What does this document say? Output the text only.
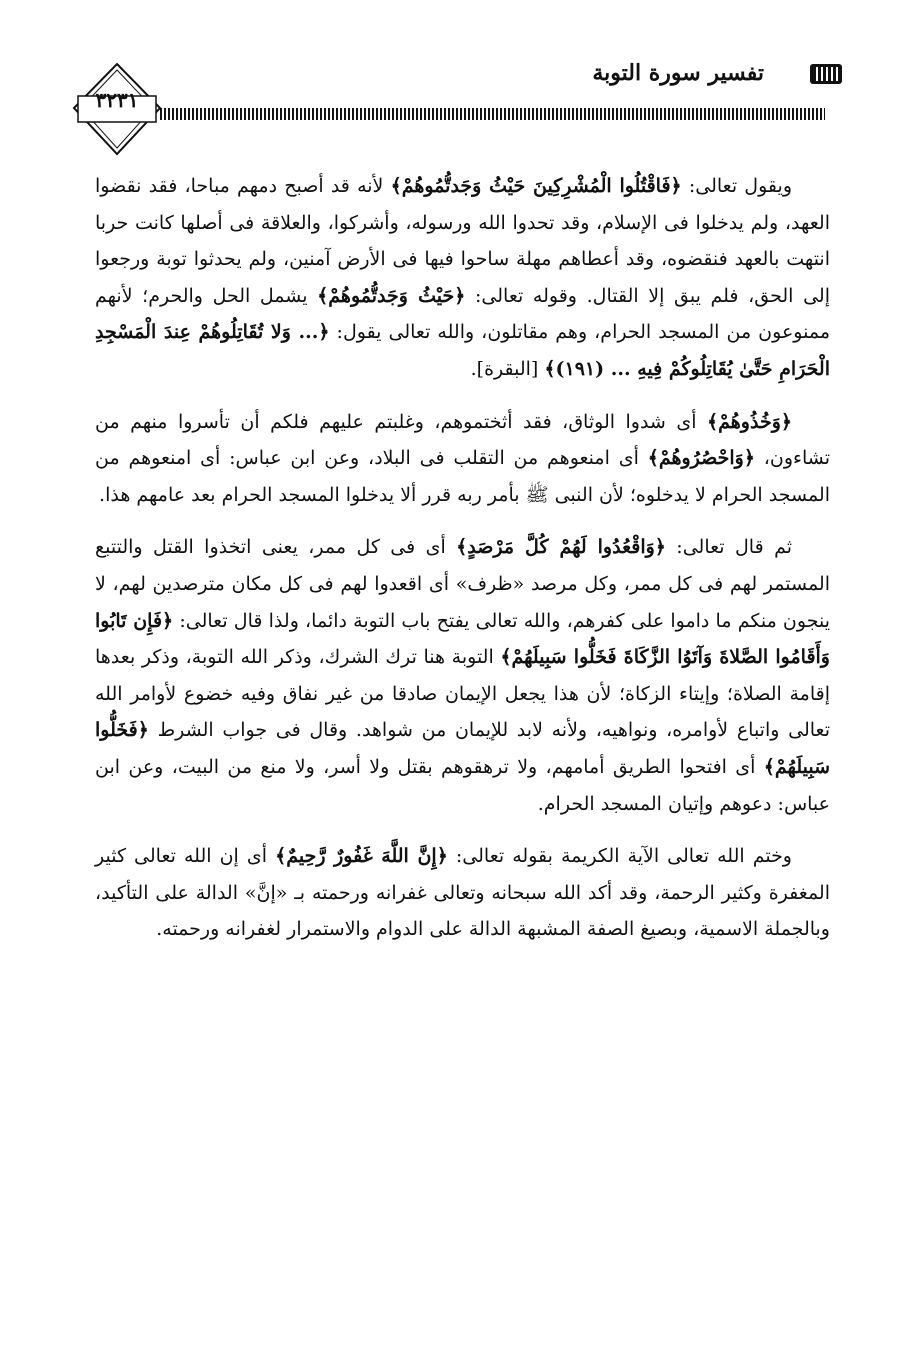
٣٢٣١
تفسير سورة التوبة

ويقول تعالى: ﴿فَاقْتُلُوا الْمُشْرِكِينَ حَيْثُ وَجَدتُّمُوهُمْ﴾ لأنه قد أصبح دمهم مباحا، فقد نقضوا العهد، ولم يدخلوا فى الإسلام، وقد تحدوا الله ورسوله، وأشركوا، والعلاقة فى أصلها كانت حربا انتهت بالعهد فنقضوه، وقد أعطاهم مهلة ساحوا فيها فى الأرض آمنين، ولم يحدثوا توبة ورجعوا إلى الحق، فلم يبق إلا القتال. وقوله تعالى: ﴿حَيْثُ وَجَدتُّمُوهُمْ﴾ يشمل الحل والحرم؛ لأنهم ممنوعون من المسجد الحرام، وهم مقاتلون، والله تعالى يقول: ﴿... وَلا تُقَاتِلُوهُمْ عِندَ الْمَسْجِدِ الْحَرَامِ حَتَّىٰ يُقَاتِلُوكُمْ فِيهِ ... (١٩١)﴾ [البقرة].

﴿وَخُذُوهُمْ﴾ أى شدوا الوثاق، فقد أثختموهم، وغلبتم عليهم فلكم أن تأسروا منهم من تشاءون، ﴿وَاحْصُرُوهُمْ﴾ أى امنعوهم من التقلب فى البلاد، وعن ابن عباس: أى امنعوهم من المسجد الحرام لا يدخلوه؛ لأن النبى ﷺ بأمر ربه قرر ألا يدخلوا المسجد الحرام بعد عامهم هذا.

ثم قال تعالى: ﴿وَاقْعُدُوا لَهُمْ كُلَّ مَرْصَدٍ﴾ أى فى كل ممر، يعنى اتخذوا القتل والتتبع المستمر لهم فى كل ممر، وكل مرصد «ظرف» أى اقعدوا لهم فى كل مكان مترصدين لهم، لا ينجون منكم ما داموا على كفرهم، والله تعالى يفتح باب التوبة دائما، ولذا قال تعالى: ﴿فَإِن تَابُوا وَأَقَامُوا الصَّلاةَ وَآتَوُا الزَّكَاةَ فَخَلُّوا سَبِيلَهُمْ﴾ التوبة هنا ترك الشرك، وذكر الله التوبة، وذكر بعدها إقامة الصلاة؛ وإيتاء الزكاة؛ لأن هذا يجعل الإيمان صادقا من غير نفاق وفيه خضوع لأوامر الله تعالى واتباع لأوامره، ونواهيه، ولأنه لابد للإيمان من شواهد. وقال فى جواب الشرط ﴿فَخَلُّوا سَبِيلَهُمْ﴾ أى افتحوا الطريق أمامهم، ولا ترهقوهم بقتل ولا أسر، ولا منع من البيت، وعن ابن عباس: دعوهم وإتيان المسجد الحرام.

وختم الله تعالى الآية الكريمة بقوله تعالى: ﴿إِنَّ اللَّهَ غَفُورٌ رَّحِيمٌ﴾ أى إن الله تعالى كثير المغفرة وكثير الرحمة، وقد أكد الله سبحانه وتعالى غفرانه ورحمته بـ «إنَّ» الدالة على التأكيد، وبالجملة الاسمية، وبصيغ الصفة المشبهة الدالة على الدوام والاستمرار لغفرانه ورحمته.
